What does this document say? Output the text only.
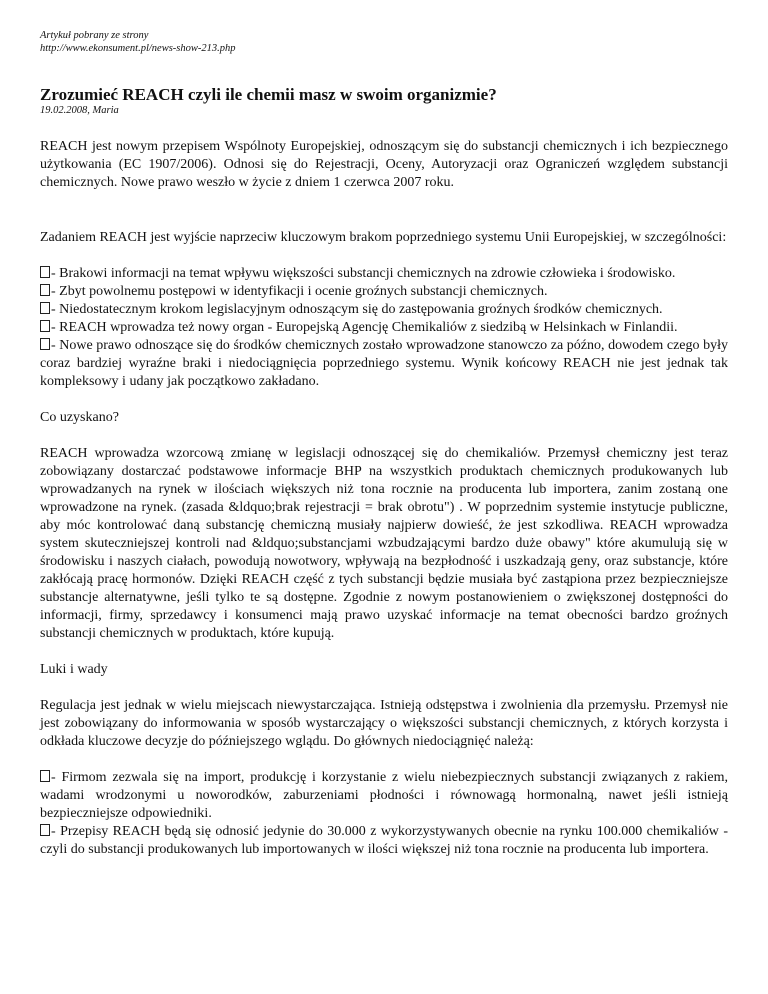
Artykuł pobrany ze strony
http://www.ekonsument.pl/news-show-213.php
Zrozumieć REACH czyli ile chemii masz w swoim organizmie?
19.02.2008, Maria

REACH jest nowym przepisem Wspólnoty Europejskiej, odnoszącym się do substancji chemicznych i ich bezpiecznego użytkowania (EC 1907/2006). Odnosi się do Rejestracji, Oceny, Autoryzacji oraz Ograniczeń względem substancji chemicznych. Nowe prawo weszło w życie z dniem 1 czerwca 2007 roku.

Zadaniem REACH jest wyjście naprzeciw kluczowym brakom poprzedniego systemu Unii Europejskiej, w szczególności:

- Brakowi informacji na temat wpływu większości substancji chemicznych na zdrowie człowieka i środowisko.

- Zbyt powolnemu postępowi w identyfikacji i ocenie groźnych substancji chemicznych.

- Niedostatecznym krokom legislacyjnym odnoszącym się do zastępowania groźnych środków chemicznych.

- REACH wprowadza też nowy organ - Europejską Agencję Chemikaliów z siedzibą w Helsinkach w Finlandii.

- Nowe prawo odnoszące się do środków chemicznych zostało wprowadzone stanowczo za późno, dowodem czego były coraz bardziej wyraźne braki i niedociągnięcia poprzedniego systemu. Wynik końcowy REACH nie jest jednak tak kompleksowy i udany jak początkowo zakładano.

Co uzyskano?

REACH wprowadza wzorcową zmianę w legislacji odnoszącej się do chemikaliów. Przemysł chemiczny jest teraz zobowiązany dostarczać podstawowe informacje BHP na wszystkich produktach chemicznych produkowanych lub wprowadzanych na rynek w ilościach większych niż tona rocznie na producenta lub importera, zanim zostaną one wprowadzone na rynek. (zasada &ldquo;brak rejestracji = brak obrotu") . W poprzednim systemie instytucje publiczne, aby móc kontrolować daną substancję chemiczną musiały najpierw dowieść, że jest szkodliwa. REACH wprowadza system skuteczniejszej kontroli nad &ldquo;substancjami wzbudzającymi bardzo duże obawy" które akumulują się w środowisku i naszych ciałach, powodują nowotwory, wpływają na bezpłodność i uszkadzają geny, oraz substancje, które zakłócają pracę hormonów. Dzięki REACH część z tych substancji będzie musiała być zastąpiona przez bezpieczniejsze substancje alternatywne, jeśli tylko te są dostępne. Zgodnie z nowym postanowieniem o zwiększonej dostępności do informacji, firmy, sprzedawcy i konsumenci mają prawo uzyskać informacje na temat obecności bardzo groźnych substancji chemicznych w produktach, które kupują.

Luki i wady

Regulacja jest jednak w wielu miejscach niewystarczająca. Istnieją odstępstwa i zwolnienia dla przemysłu. Przemysł nie jest zobowiązany do informowania w sposób wystarczający o większości substancji chemicznych, z których korzysta i odkłada kluczowe decyzje do późniejszego wglądu. Do głównych niedociągnięć należą:

- Firmom zezwala się na import, produkcję i korzystanie z wielu niebezpiecznych substancji związanych z rakiem, wadami wrodzonymi u noworodków, zaburzeniami płodności i równowagą hormonalną, nawet jeśli istnieją bezpieczniejsze odpowiedniki.

- Przepisy REACH będą się odnosić jedynie do 30.000 z wykorzystywanych obecnie na rynku 100.000 chemikaliów - czyli do substancji produkowanych lub importowanych w ilości większej niż tona rocznie na producenta lub importera.
